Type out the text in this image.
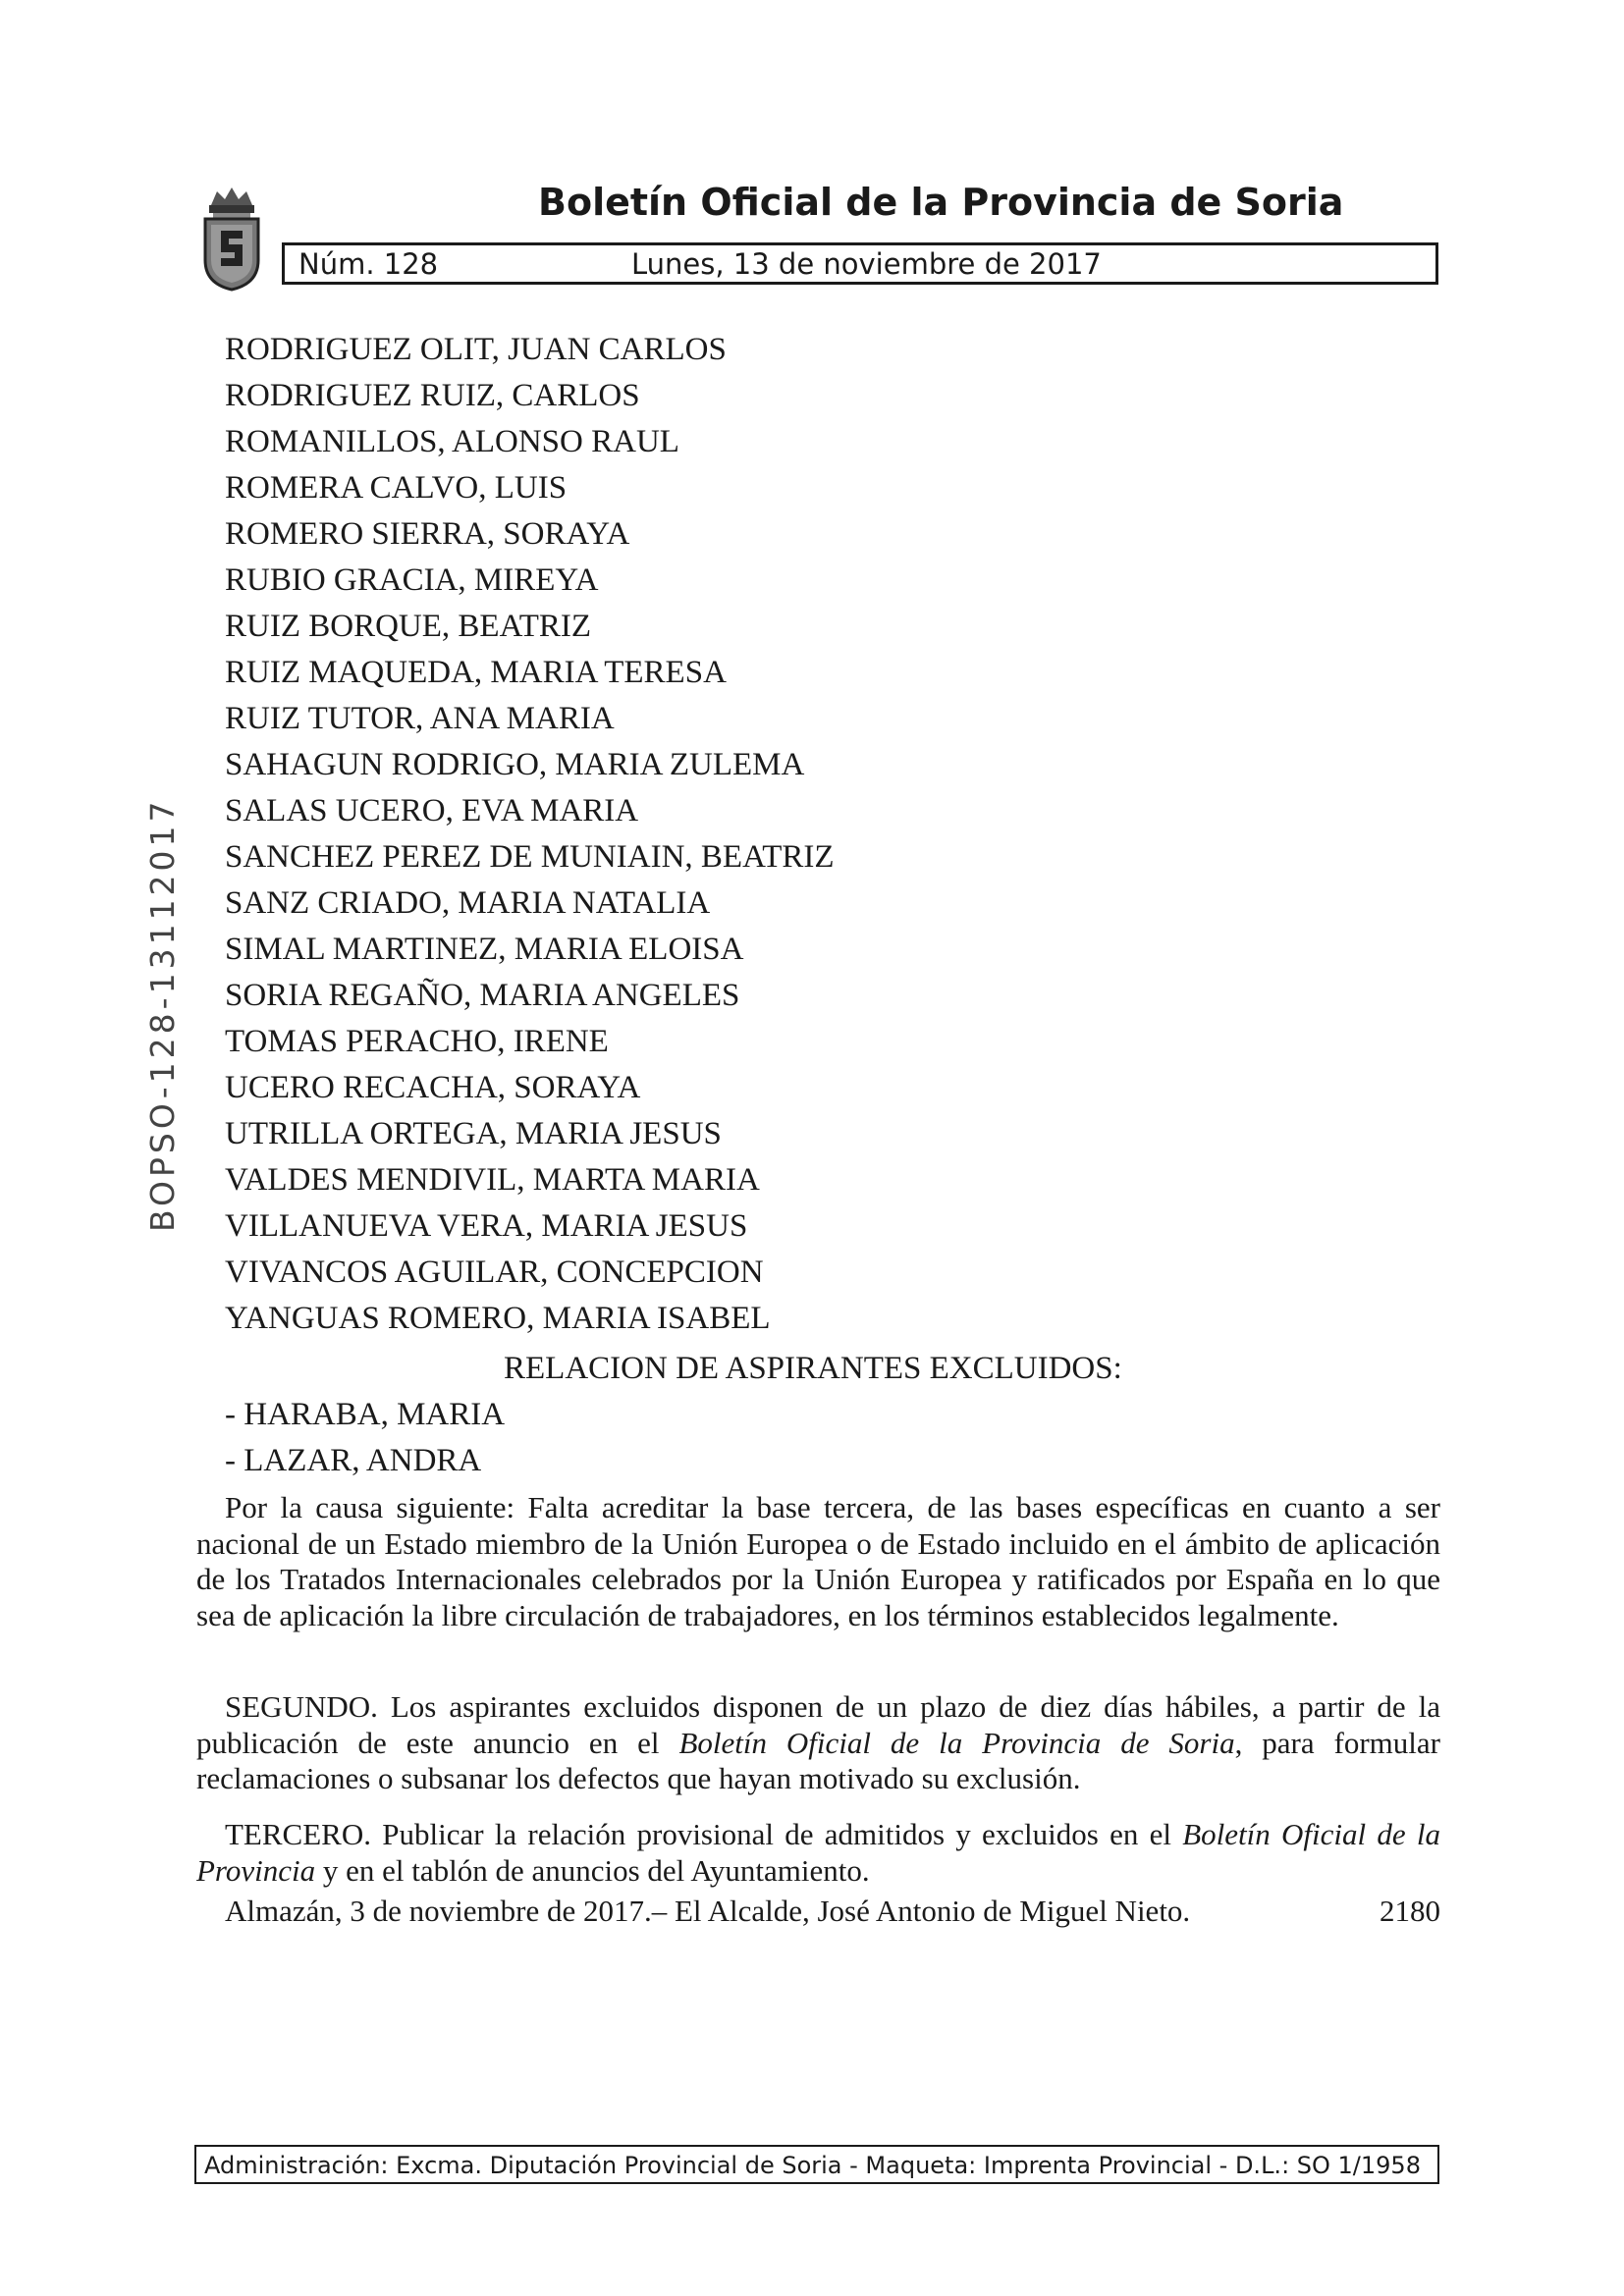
Boletín Oficial de la Provincia de Soria
Núm. 128	Lunes, 13 de noviembre de 2017
BOPSO-128-13112017
RODRIGUEZ OLIT, JUAN CARLOS
RODRIGUEZ RUIZ, CARLOS
ROMANILLOS, ALONSO RAUL
ROMERA CALVO, LUIS
ROMERO SIERRA, SORAYA
RUBIO GRACIA, MIREYA
RUIZ BORQUE, BEATRIZ
RUIZ MAQUEDA, MARIA TERESA
RUIZ TUTOR, ANA MARIA
SAHAGUN RODRIGO, MARIA ZULEMA
SALAS UCERO, EVA MARIA
SANCHEZ PEREZ DE MUNIAIN, BEATRIZ
SANZ CRIADO, MARIA NATALIA
SIMAL MARTINEZ, MARIA ELOISA
SORIA REGAÑO, MARIA ANGELES
TOMAS PERACHO, IRENE
UCERO RECACHA, SORAYA
UTRILLA ORTEGA, MARIA JESUS
VALDES MENDIVIL, MARTA MARIA
VILLANUEVA VERA, MARIA JESUS
VIVANCOS AGUILAR, CONCEPCION
YANGUAS ROMERO, MARIA ISABEL
RELACION DE ASPIRANTES EXCLUIDOS:
- HARABA, MARIA
- LAZAR, ANDRA

Por la causa siguiente: Falta acreditar la base tercera, de las bases específicas en cuanto a ser nacional de un Estado miembro de la Unión Europea o de Estado incluido en el ámbito de aplicación de los Tratados Internacionales celebrados por la Unión Europea y ratificados por España en lo que sea de aplicación la libre circulación de trabajadores, en los términos establecidos legalmente.

SEGUNDO. Los aspirantes excluidos disponen de un plazo de diez días hábiles, a partir de la publicación de este anuncio en el Boletín Oficial de la Provincia de Soria, para formular reclamaciones o subsanar los defectos que hayan motivado su exclusión.

TERCERO. Publicar la relación provisional de admitidos y excluidos en el Boletín Oficial de la Provincia y en el tablón de anuncios del Ayuntamiento.

Almazán, 3 de noviembre de 2017.– El Alcalde, José Antonio de Miguel Nieto.	2180
Administración: Excma. Diputación Provincial de Soria - Maqueta: Imprenta Provincial - D.L.: SO 1/1958
